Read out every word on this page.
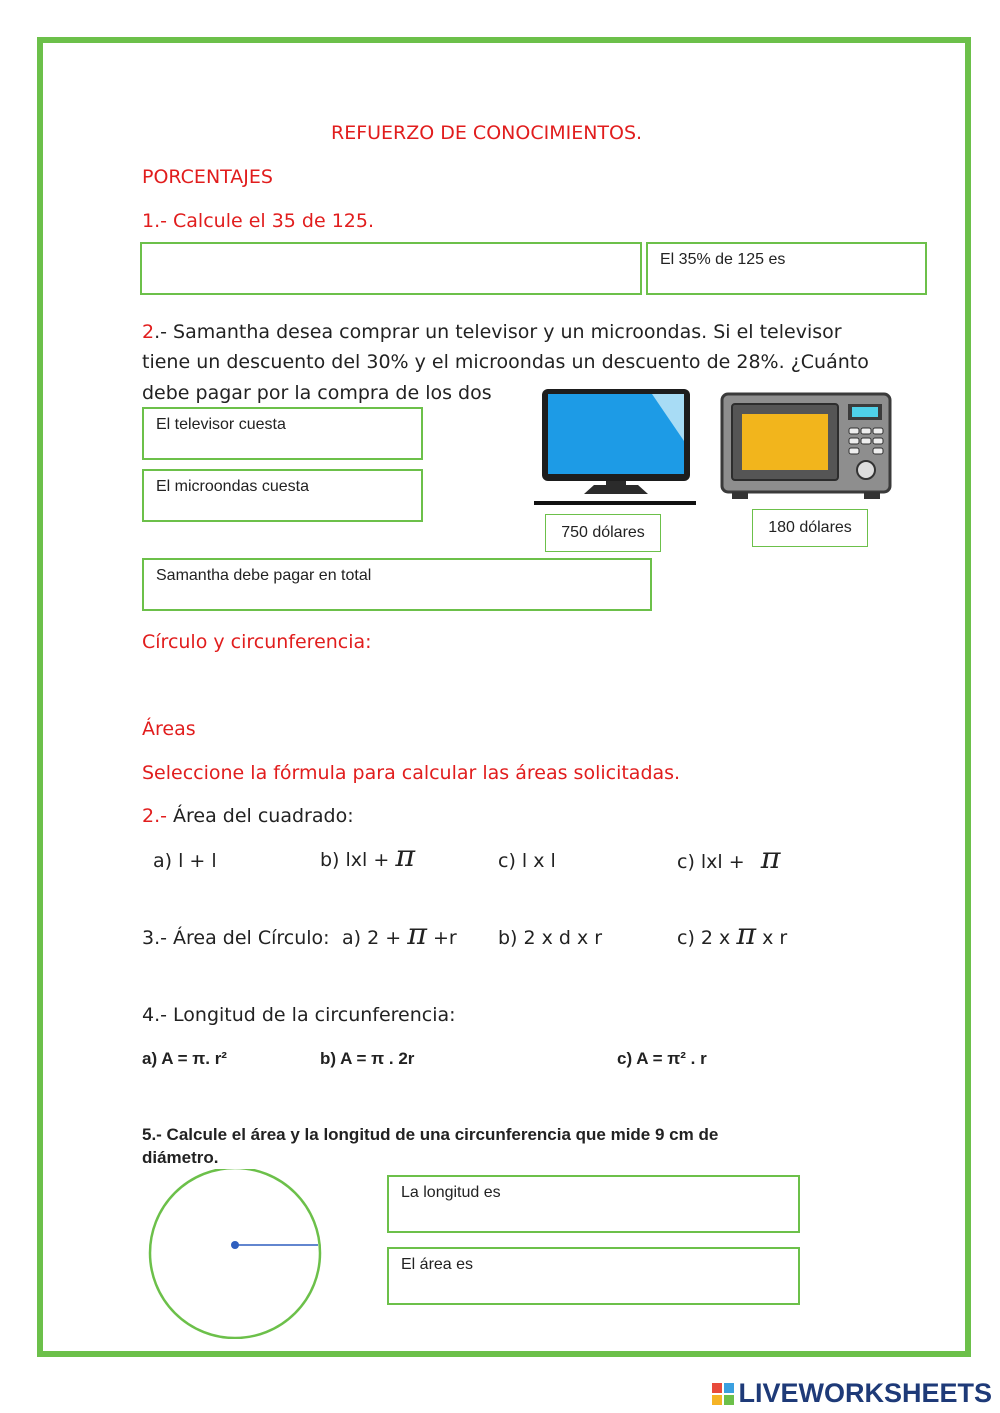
REFUERZO DE CONOCIMIENTOS.
PORCENTAJES
1.- Calcule el 35 de 125.
El 35% de 125 es
2.- Samantha desea comprar un televisor y un microondas. Si el televisor
tiene un descuento del 30% y el microondas un descuento de 28%. ¿Cuánto
debe pagar por la compra de los dos
El televisor cuesta
El microondas cuesta
Samantha debe pagar en total
750 dólares	180 dólares
Círculo y circunferencia:
Áreas
Seleccione la fórmula para calcular las áreas solicitadas.
2.- Área del cuadrado:
a) l + l	b) lxl + π	c) l x l	c) lxl + π
3.- Área del Círculo: a) 2 + π +r b) 2 x d x r	c) 2 x π x r
4.- Longitud de la circunferencia:
a) A = π. r²	b) A = π . 2r	c) A = π² . r
5.- Calcule el área y la longitud de una circunferencia que mide 9 cm de
diámetro.
La longitud es
El área es
LIVEWORKSHEETS
